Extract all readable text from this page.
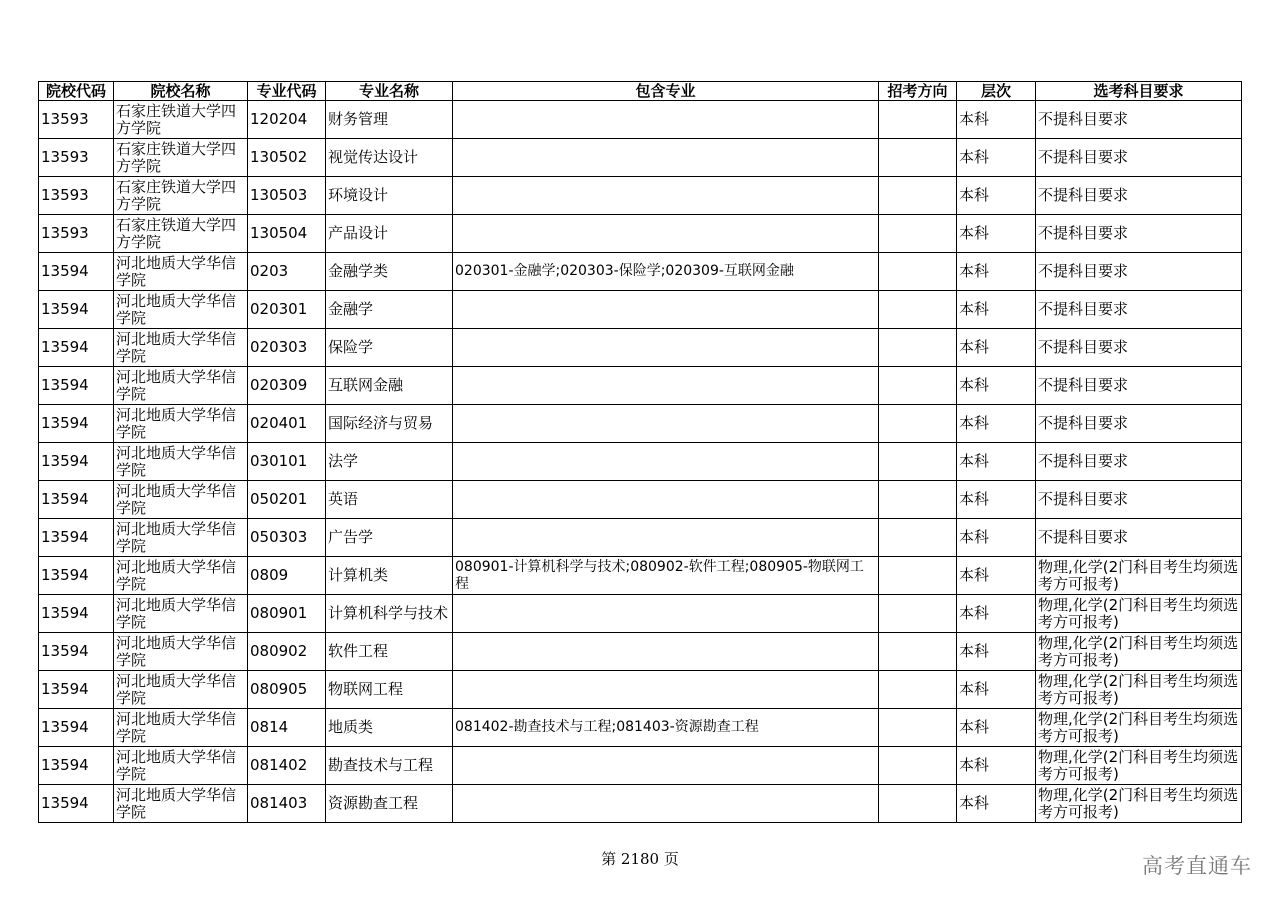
院校代码	院校名称	专业代码	专业名称	包含专业	招考方向	层次	选考科目要求
13593	石家庄铁道大学四方学院	120204	财务管理			本科	不提科目要求
13593	石家庄铁道大学四方学院	130502	视觉传达设计			本科	不提科目要求
13593	石家庄铁道大学四方学院	130503	环境设计			本科	不提科目要求
13593	石家庄铁道大学四方学院	130504	产品设计			本科	不提科目要求
13594	河北地质大学华信学院	0203	金融学类	020301-金融学;020303-保险学;020309-互联网金融		本科	不提科目要求
13594	河北地质大学华信学院	020301	金融学			本科	不提科目要求
13594	河北地质大学华信学院	020303	保险学			本科	不提科目要求
13594	河北地质大学华信学院	020309	互联网金融			本科	不提科目要求
13594	河北地质大学华信学院	020401	国际经济与贸易			本科	不提科目要求
13594	河北地质大学华信学院	030101	法学			本科	不提科目要求
13594	河北地质大学华信学院	050201	英语			本科	不提科目要求
13594	河北地质大学华信学院	050303	广告学			本科	不提科目要求
13594	河北地质大学华信学院	0809	计算机类	080901-计算机科学与技术;080902-软件工程;080905-物联网工程		本科	物理,化学(2门科目考生均须选考方可报考)
13594	河北地质大学华信学院	080901	计算机科学与技术			本科	物理,化学(2门科目考生均须选考方可报考)
13594	河北地质大学华信学院	080902	软件工程			本科	物理,化学(2门科目考生均须选考方可报考)
13594	河北地质大学华信学院	080905	物联网工程			本科	物理,化学(2门科目考生均须选考方可报考)
13594	河北地质大学华信学院	0814	地质类	081402-勘查技术与工程;081403-资源勘查工程		本科	物理,化学(2门科目考生均须选考方可报考)
13594	河北地质大学华信学院	081402	勘查技术与工程			本科	物理,化学(2门科目考生均须选考方可报考)
13594	河北地质大学华信学院	081403	资源勘查工程			本科	物理,化学(2门科目考生均须选考方可报考)
第 2180 页	高考直通车
